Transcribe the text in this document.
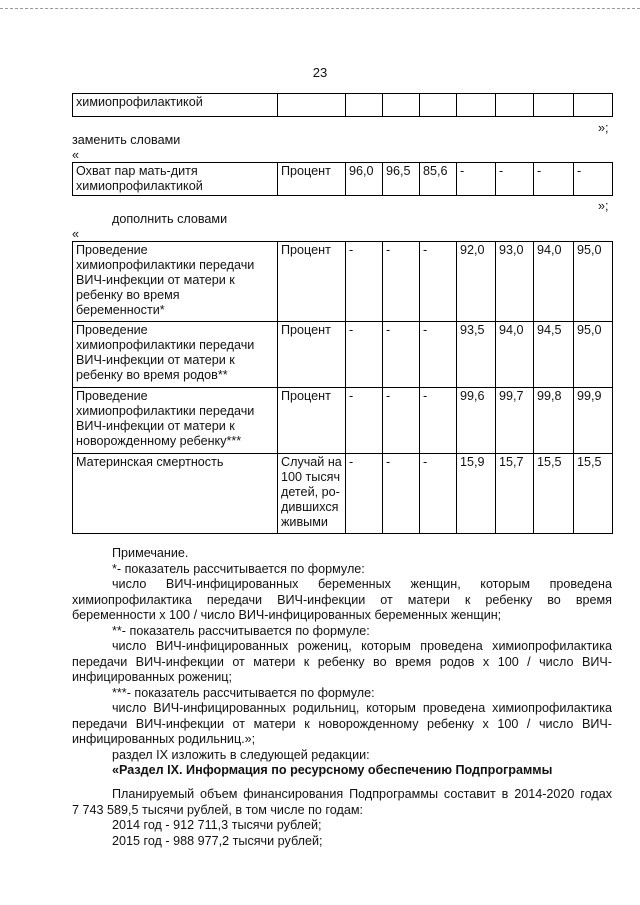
23
химиопрофилактикой								
»;
заменить словами
«
Охват пар мать-дитя
химиопрофилактикой
	Процент	96,0	96,5	85,6	-	-	-	-
»;
дополнить словами
«
Проведение
химиопрофилактики передачи
ВИЧ-инфекции от матери к
ребенку во время
беременности*	Процент	-	-	-	92,0	93,0	94,0	95,0

Проведение
химиопрофилактики передачи
ВИЧ-инфекции от матери к
ребенку во время родов**	Процент	-	-	-	93,5	94,0	94,5	95,0

Проведение
химиопрофилактики передачи
ВИЧ-инфекции от матери к
новорожденному ребенку***	Процент	-	-	-	99,6	99,7	99,8	99,9
Материнская смертность	Случай на
100 тысяч
детей, ро-
дившихся
живыми	-	-	-	15,9	15,7	15,5	15,5
Примечание.
*- показатель рассчитывается по формуле:
число ВИЧ-инфицированных беременных женщин, которым проведена
химиопрофилактика передачи ВИЧ-инфекции от матери к ребенку во время
беременности х 100 / число ВИЧ-инфицированных беременных женщин;
**- показатель рассчитывается по формуле:
число ВИЧ-инфицированных рожениц, которым проведена химиопрофилактика
передачи ВИЧ-инфекции от матери к ребенку во время родов х 100 / число ВИЧ-
инфицированных рожениц;
***- показатель рассчитывается по формуле:
число ВИЧ-инфицированных родильниц, которым проведена химиопрофилактика
передачи ВИЧ-инфекции от матери к новорожденному ребенку х 100 / число ВИЧ-
инфицированных родильниц.»;
раздел IX изложить в следующей редакции:
«Раздел IX. Информация по ресурсному обеспечению Подпрограммы
Планируемый объем финансирования Подпрограммы составит в 2014-2020 годах
7 743 589,5 тысячи рублей, в том числе по годам:
2014 год - 912 711,3 тысячи рублей;
2015 год - 988 977,2 тысячи рублей;
